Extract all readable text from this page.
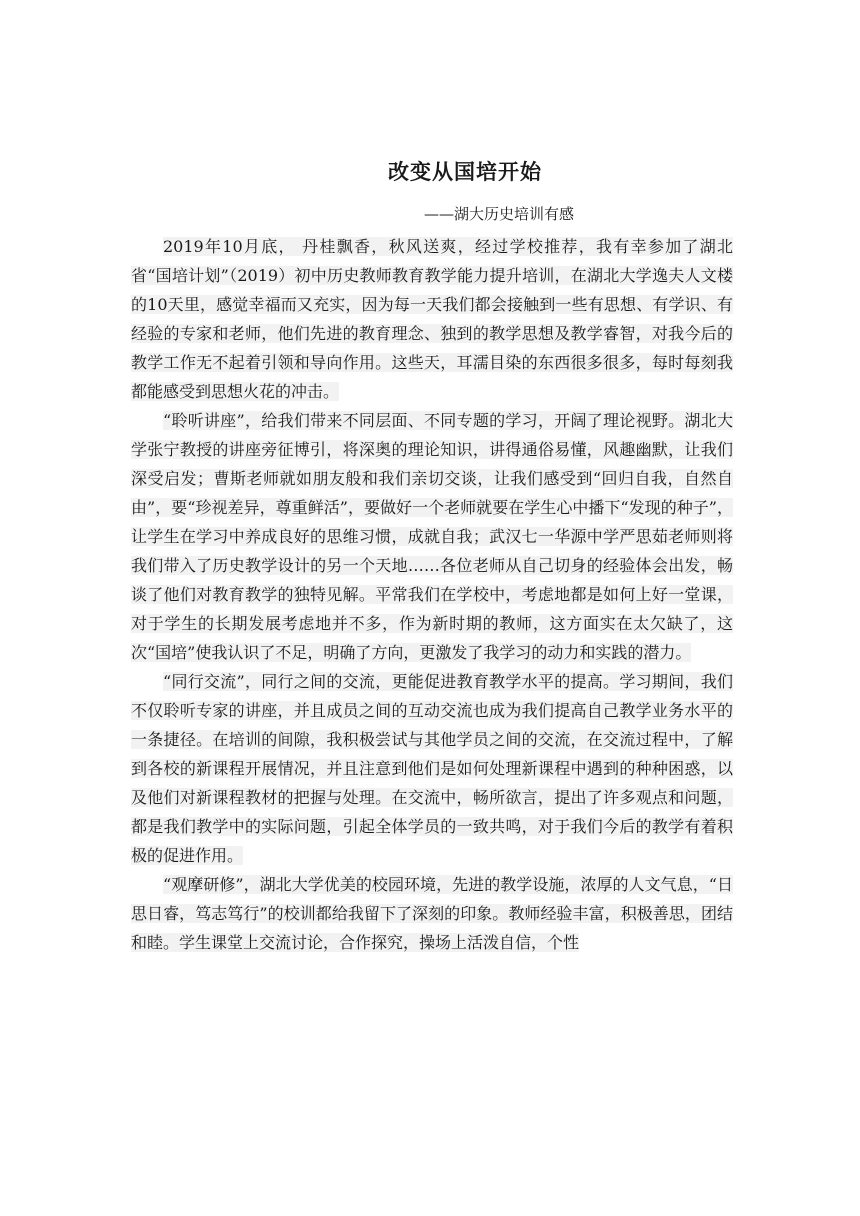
改变从国培开始
——湖大历史培训有感

2019年10月底， 丹桂飘香，秋风送爽，经过学校推荐，我有幸参加了湖北省“国培计划”（2019）初中历史教师教育教学能力提升培训，在湖北大学逸夫人文楼的10天里，感觉幸福而又充实，因为每一天我们都会接触到一些有思想、有学识、有经验的专家和老师，他们先进的教育理念、独到的教学思想及教学睿智，对我今后的教学工作无不起着引领和导向作用。这些天，耳濡目染的东西很多很多，每时每刻我都能感受到思想火花的冲击。

“聆听讲座”，给我们带来不同层面、不同专题的学习，开阔了理论视野。湖北大学张宁教授的讲座旁征博引，将深奥的理论知识，讲得通俗易懂，风趣幽默，让我们深受启发；曹斯老师就如朋友般和我们亲切交谈，让我们感受到“回归自我，自然自由”，要“珍视差异，尊重鲜活”，要做好一个老师就要在学生心中播下“发现的种子”，让学生在学习中养成良好的思维习惯，成就自我；武汉七一华源中学严思茹老师则将我们带入了历史教学设计的另一个天地……各位老师从自己切身的经验体会出发，畅谈了他们对教育教学的独特见解。平常我们在学校中，考虑地都是如何上好一堂课，对于学生的长期发展考虑地并不多，作为新时期的教师，这方面实在太欠缺了，这次“国培”使我认识了不足，明确了方向，更激发了我学习的动力和实践的潜力。

“同行交流”，同行之间的交流，更能促进教育教学水平的提高。学习期间，我们不仅聆听专家的讲座，并且成员之间的互动交流也成为我们提高自己教学业务水平的一条捷径。在培训的间隙，我积极尝试与其他学员之间的交流，在交流过程中，了解到各校的新课程开展情况，并且注意到他们是如何处理新课程中遇到的种种困惑，以及他们对新课程教材的把握与处理。在交流中，畅所欲言，提出了许多观点和问题，都是我们教学中的实际问题，引起全体学员的一致共鸣，对于我们今后的教学有着积极的促进作用。

“观摩研修”，湖北大学优美的校园环境，先进的教学设施，浓厚的人文气息，“日思日睿，笃志笃行”的校训都给我留下了深刻的印象。教师经验丰富，积极善思，团结和睦。学生课堂上交流讨论，合作探究，操场上活泼自信，个性
